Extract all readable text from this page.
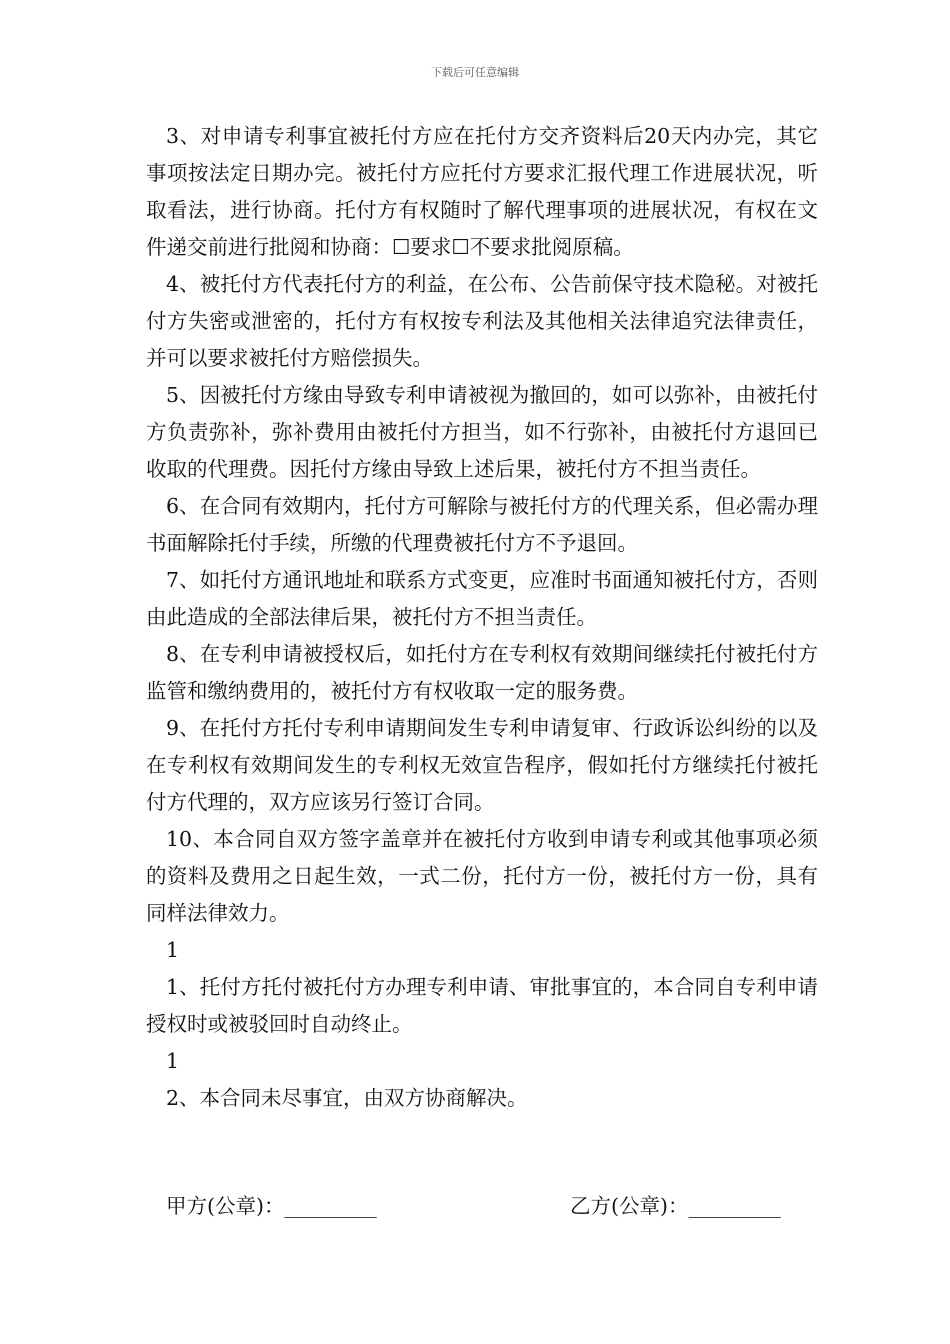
下载后可任意编辑

3、对申请专利事宜被托付方应在托付方交齐资料后20天内办完，其它事项按法定日期办完。被托付方应托付方要求汇报代理工作进展状况，听取看法，进行协商。托付方有权随时了解代理事项的进展状况，有权在文件递交前进行批阅和协商：☐要求☐不要求批阅原稿。

4、被托付方代表托付方的利益，在公布、公告前保守技术隐秘。对被托付方失密或泄密的，托付方有权按专利法及其他相关法律追究法律责任，并可以要求被托付方赔偿损失。

5、因被托付方缘由导致专利申请被视为撤回的，如可以弥补，由被托付方负责弥补，弥补费用由被托付方担当，如不行弥补，由被托付方退回已收取的代理费。因托付方缘由导致上述后果，被托付方不担当责任。

6、在合同有效期内，托付方可解除与被托付方的代理关系，但必需办理书面解除托付手续，所缴的代理费被托付方不予退回。

7、如托付方通讯地址和联系方式变更，应准时书面通知被托付方，否则由此造成的全部法律后果，被托付方不担当责任。

8、在专利申请被授权后，如托付方在专利权有效期间继续托付被托付方监管和缴纳费用的，被托付方有权收取一定的服务费。

9、在托付方托付专利申请期间发生专利申请复审、行政诉讼纠纷的以及在专利权有效期间发生的专利权无效宣告程序，假如托付方继续托付被托付方代理的，双方应该另行签订合同。

10、本合同自双方签字盖章并在被托付方收到申请专利或其他事项必须的资料及费用之日起生效，一式二份，托付方一份，被托付方一份，具有同样法律效力。

1

1、托付方托付被托付方办理专利申请、审批事宜的，本合同自专利申请授权时或被驳回时自动终止。

1

2、本合同未尽事宜，由双方协商解决。

甲方(公章)：_________	乙方(公章)：_________
